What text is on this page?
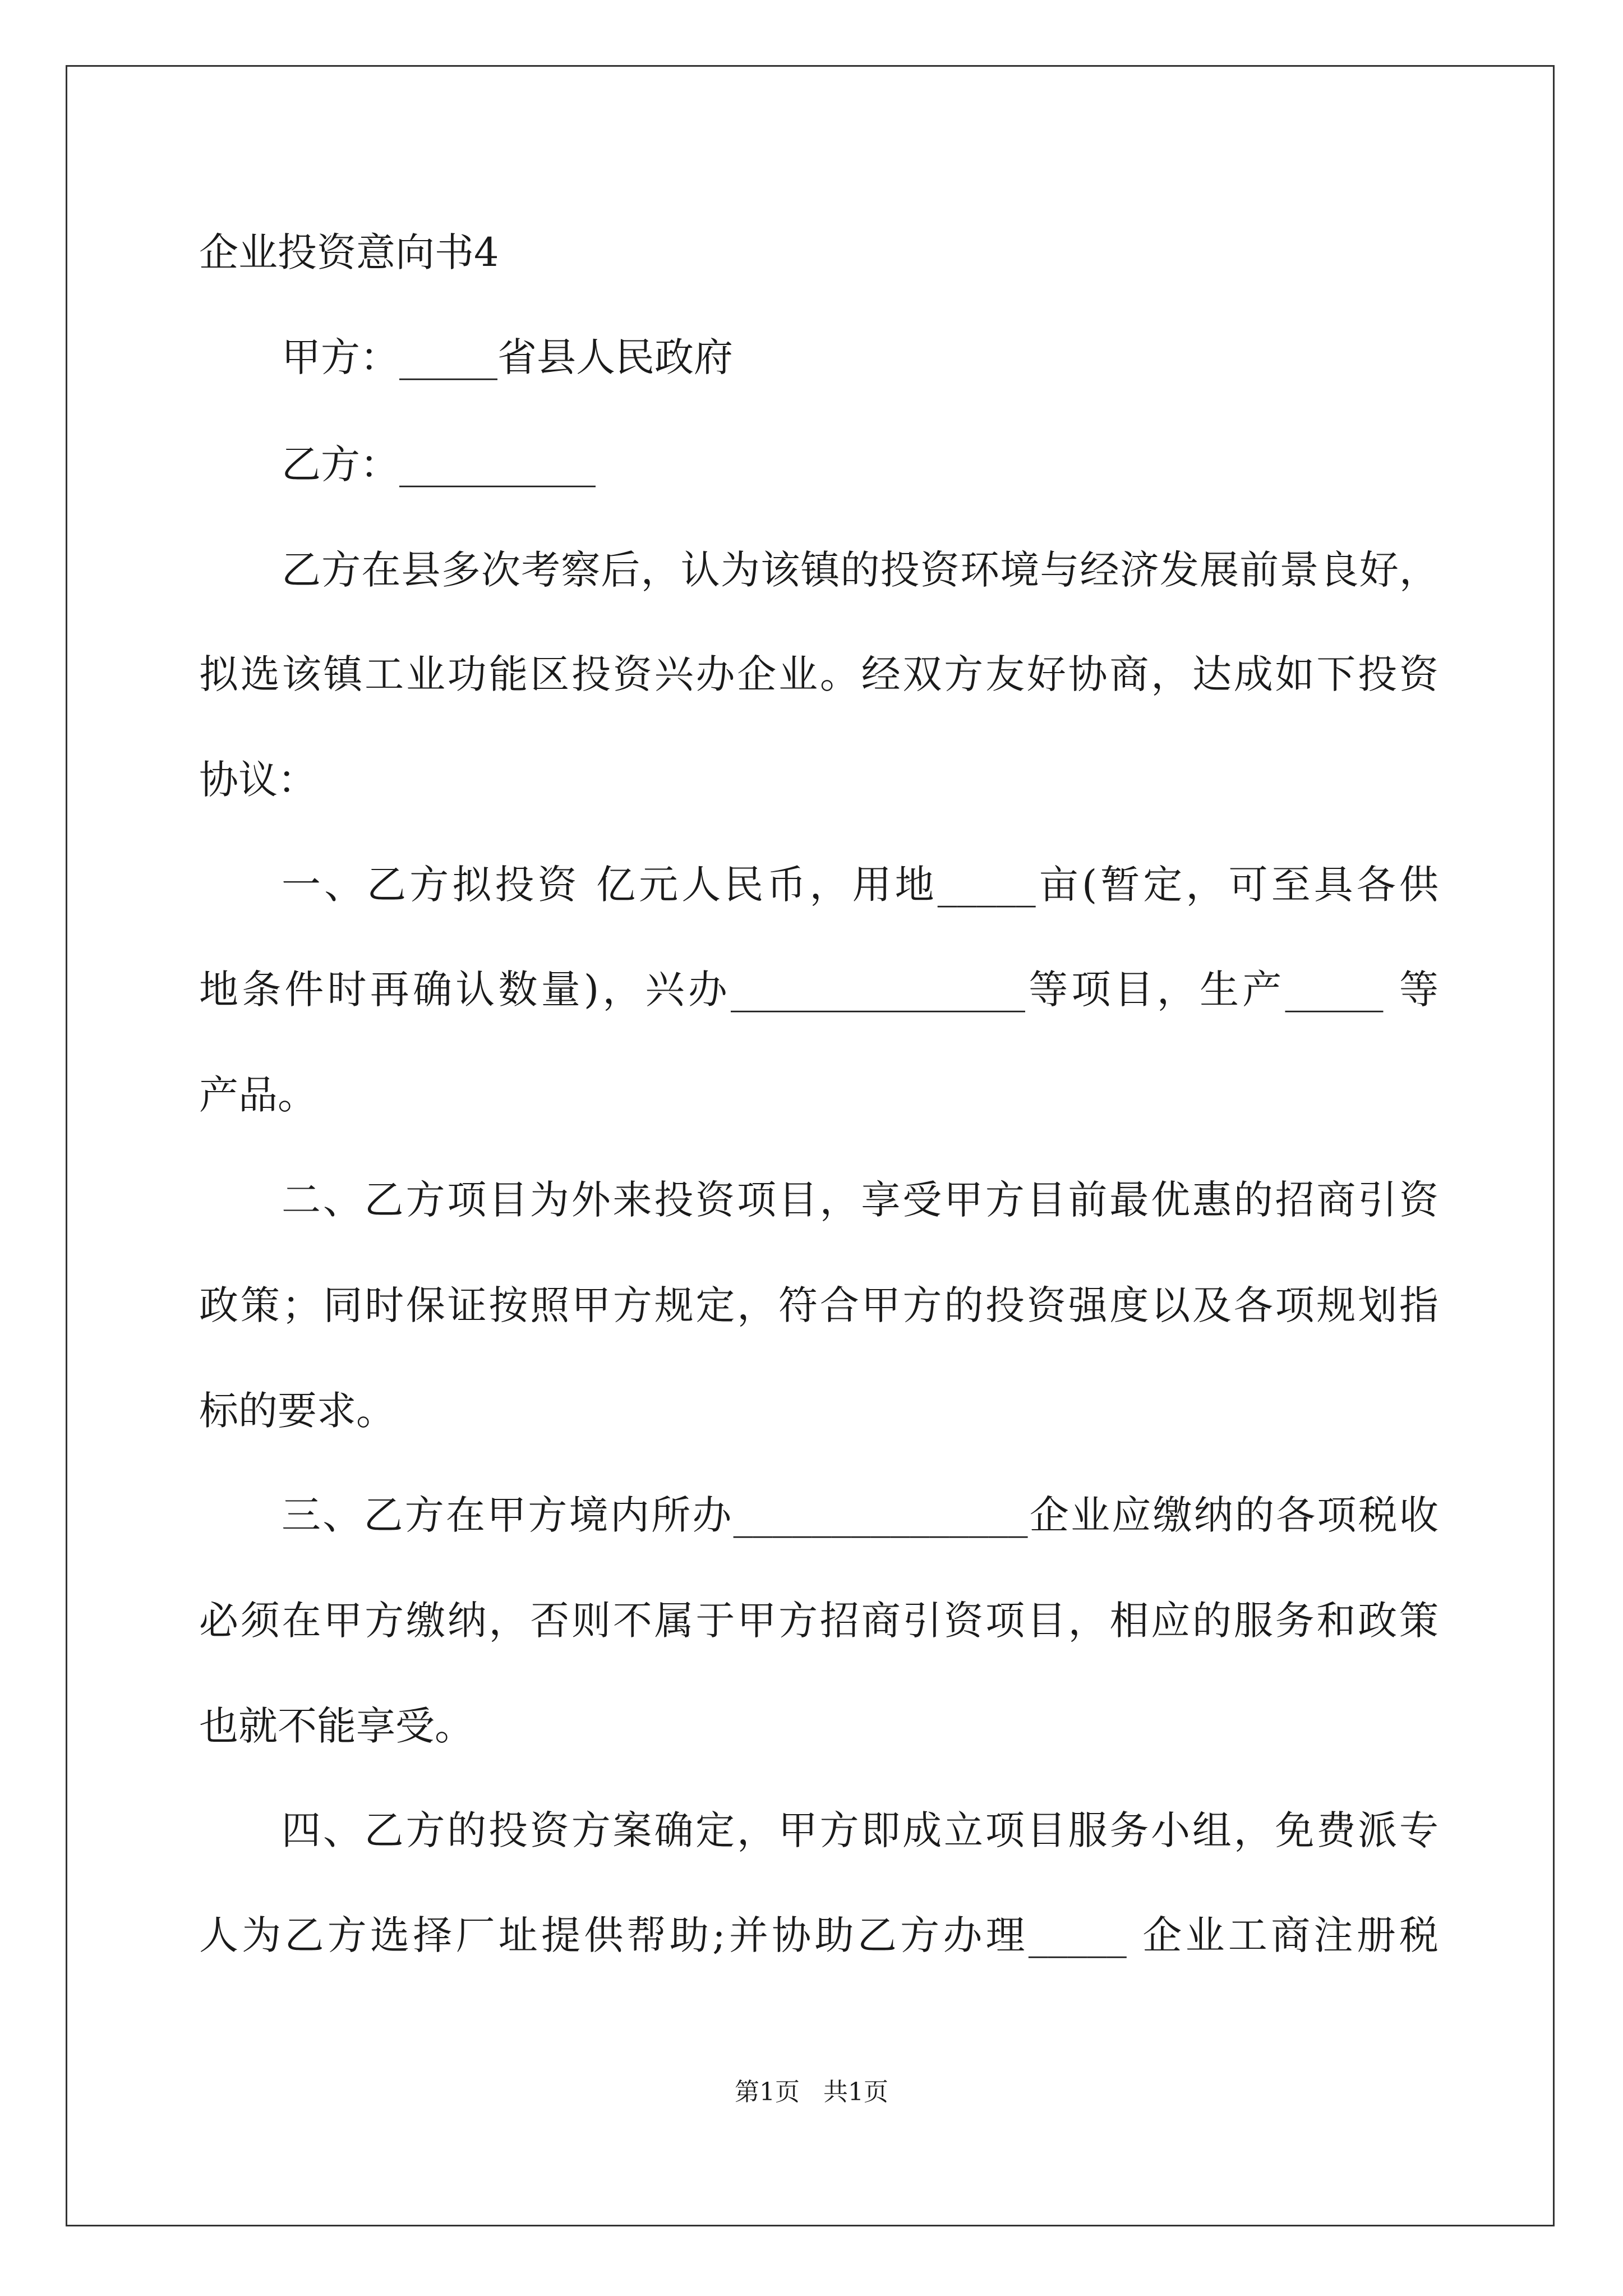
企业投资意向书4
甲方：_____省县人民政府
乙方：__________
乙方在县多次考察后，认为该镇的投资环境与经济发展前景良好，
拟选该镇工业功能区投资兴办企业。经双方友好协商，达成如下投资
协议：
一、乙方拟投资 亿元人民币，用地_____亩(暂定，可至具各供
地条件时再确认数量)，兴办_______________等项目，生产_____ 等
产品。
二、乙方项目为外来投资项目，享受甲方目前最优惠的招商引资
政策；同时保证按照甲方规定，符合甲方的投资强度以及各项规划指
标的要求。
三、乙方在甲方境内所办_______________企业应缴纳的各项税收
必须在甲方缴纳，否则不属于甲方招商引资项目，相应的服务和政策
也就不能享受。
四、乙方的投资方案确定，甲方即成立项目服务小组，免费派专
人为乙方选择厂址提供帮助;并协助乙方办理_____ 企业工商注册税
第1页   共1页
